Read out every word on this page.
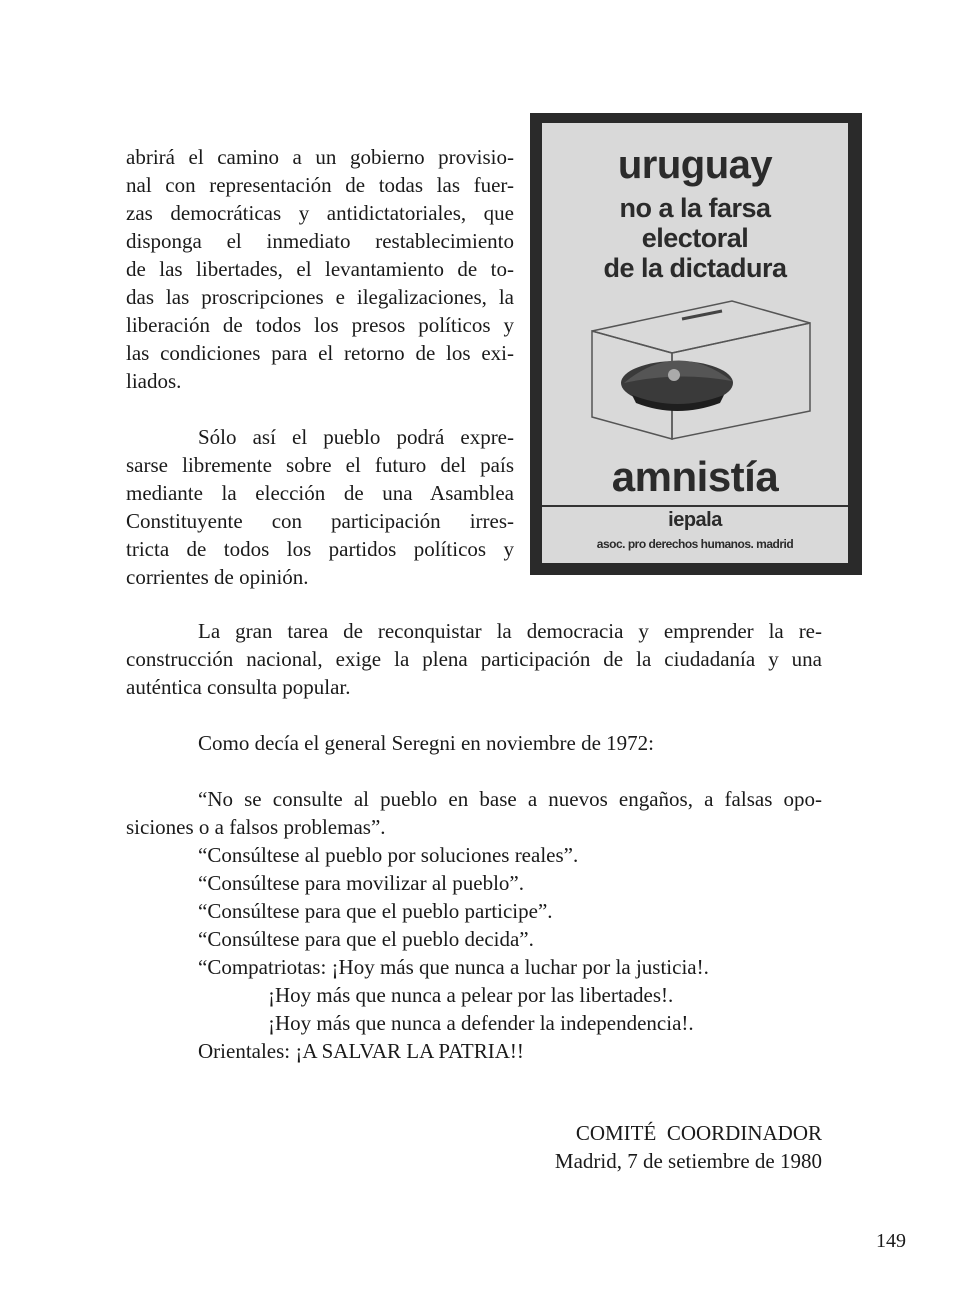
abrirá el camino a un gobierno provisio-
nal con representación de todas las fuer-
zas democráticas y antidictatoriales, que
disponga el inmediato restablecimiento
de las libertades, el levantamiento de to-
das las proscripciones e ilegalizaciones, la
liberación de todos los presos políticos y
las condiciones para el retorno de los exi-
liados.
Sólo así el pueblo podrá expre-
sarse libremente sobre el futuro del país
mediante la elección de una Asamblea
Constituyente con participación irres-
tricta de todos los partidos políticos y
corrientes de opinión.
uruguay
no a la farsa
electoral
de la dictadura
amnistía
iepala
asoc. pro derechos humanos. madrid
La gran tarea de reconquistar la democracia y emprender la re-
construcción nacional, exige la plena participación de la ciudadanía y una
auténtica consulta popular.
Como decía el general Seregni en noviembre de 1972:
“No se consulte al pueblo en base a nuevos engaños, a falsas opo-
siciones o a falsos problemas”.
“Consúltese al pueblo por soluciones reales”.
“Consúltese para movilizar al pueblo”.
“Consúltese para que el pueblo participe”.
“Consúltese para que el pueblo decida”.
“Compatriotas: ¡Hoy más que nunca a luchar por la justicia!.
¡Hoy más que nunca a pelear por las libertades!.
¡Hoy más que nunca a defender la independencia!.
Orientales: ¡A SALVAR LA PATRIA!!
COMITÉ  COORDINADOR
Madrid, 7 de setiembre de 1980
149
